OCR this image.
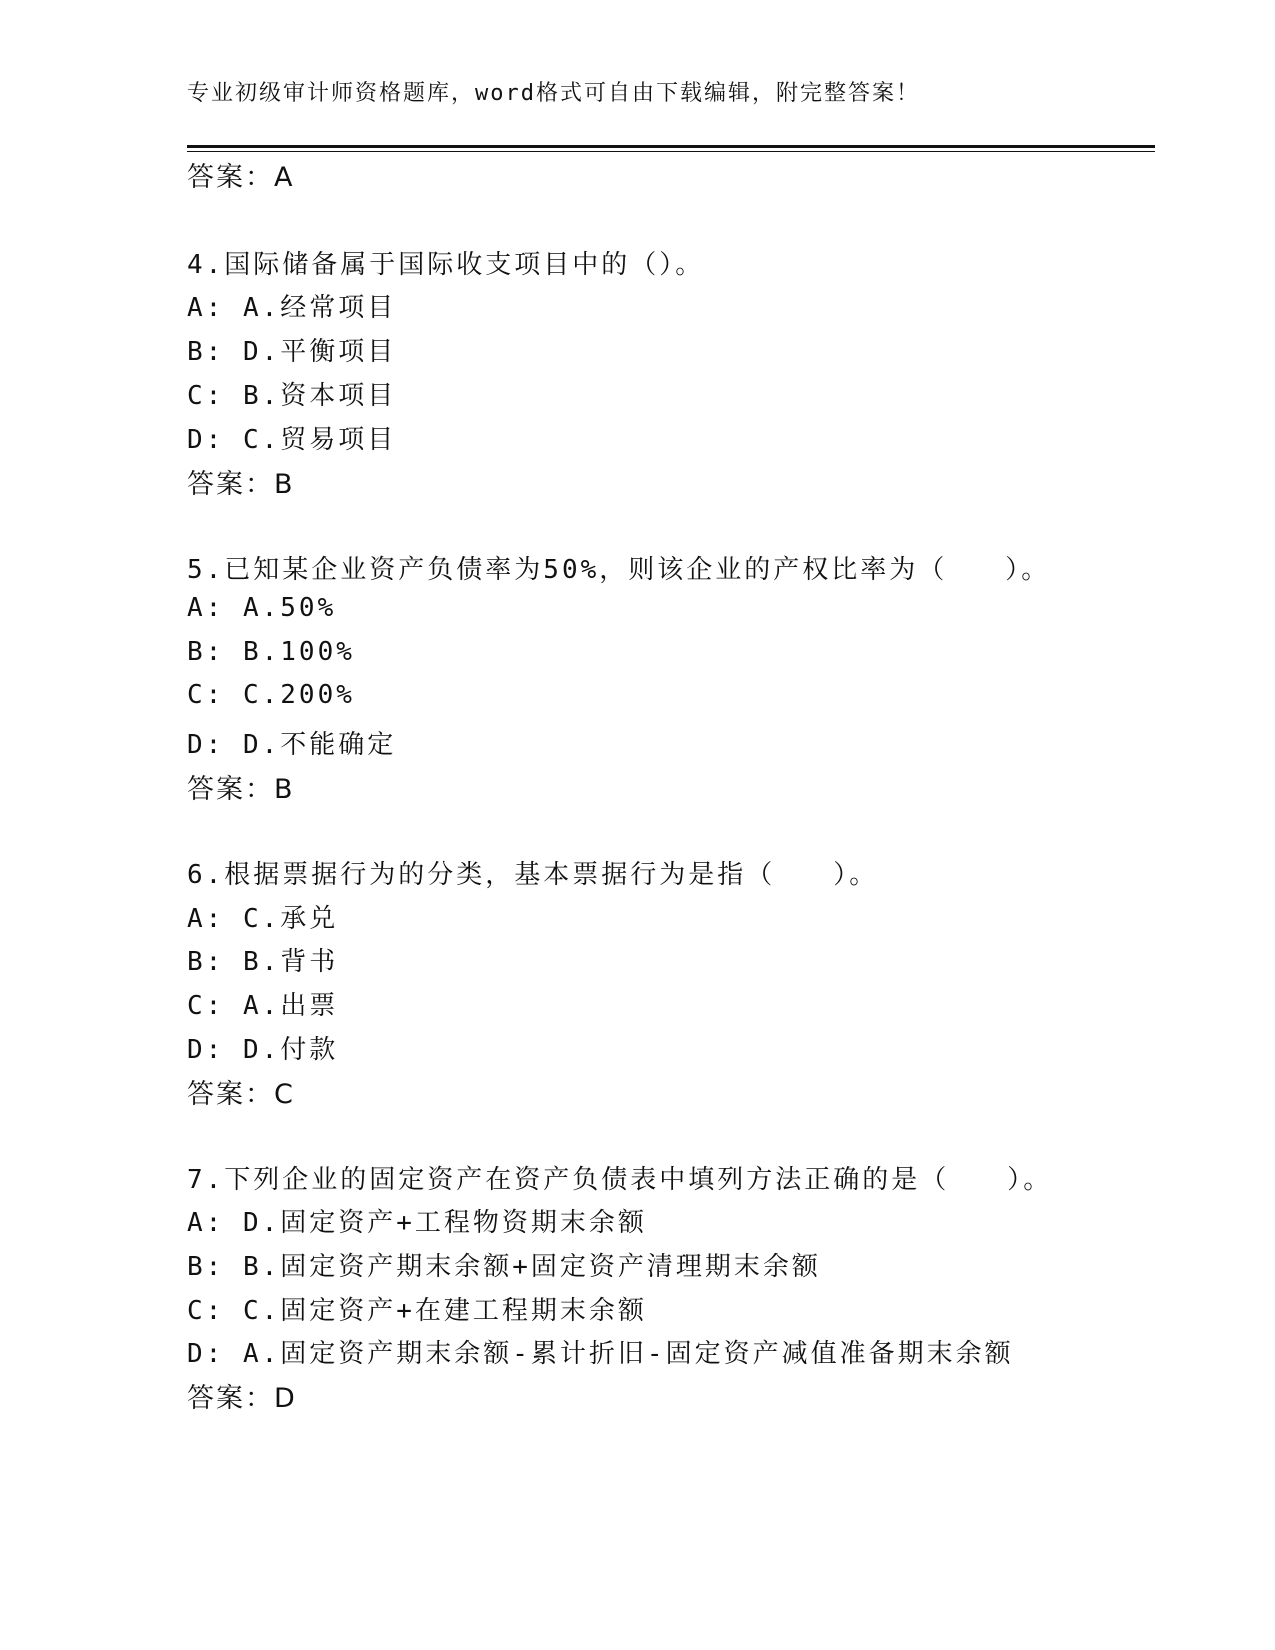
专业初级审计师资格题库，word格式可自由下载编辑，附完整答案！
答案：A
4.国际储备属于国际收支项目中的（）。
A: A.经常项目
B: D.平衡项目
C: B.资本项目
D: C.贸易项目
答案：B
5.已知某企业资产负债率为50%，则该企业的产权比率为（　　）。
A: A.50%
B: B.100%
C: C.200%
D: D.不能确定
答案：B
6.根据票据行为的分类，基本票据行为是指（　　）。
A: C.承兑
B: B.背书
C: A.出票
D: D.付款
答案：C
7.下列企业的固定资产在资产负债表中填列方法正确的是（　　）。
A: D.固定资产+工程物资期末余额
B: B.固定资产期末余额+固定资产清理期末余额
C: C.固定资产+在建工程期末余额
D: A.固定资产期末余额-累计折旧-固定资产减值准备期末余额
答案：D
